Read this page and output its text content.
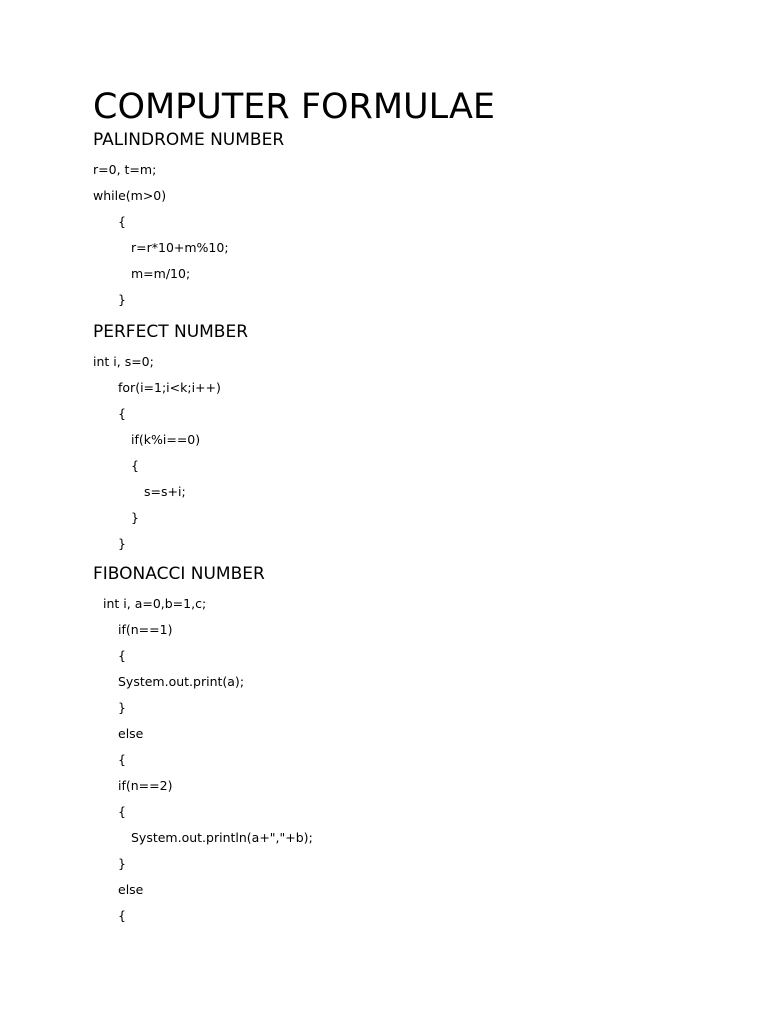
COMPUTER FORMULAE
PALINDROME NUMBER
r=0, t=m;
while(m>0)
{
r=r*10+m%10;
m=m/10;
}
PERFECT NUMBER
int i, s=0;
for(i=1;i<k;i++)
{
if(k%i==0)
{
s=s+i;
}
}
FIBONACCI NUMBER
int i, a=0,b=1,c;
if(n==1)
{
System.out.print(a);
}
else
{
if(n==2)
{
System.out.println(a+","+b);
}
else
{
